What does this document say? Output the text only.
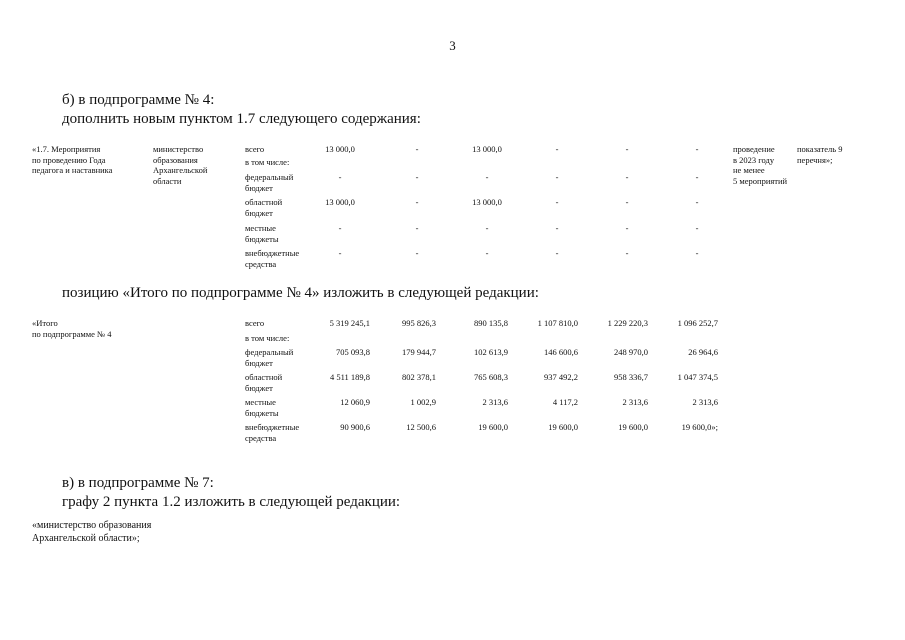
3
б) в подпрограмме № 4:
дополнить новым пунктом 1.7 следующего содержания:
«1.7. Мероприятия
по проведению Года
педагога и наставника
министерство
образования
Архангельской
области
всего	13 000,0	-	13 000,0	-	-	-
в том числе:
федеральный
бюджет
-	-	-	-	-	-
областной
бюджет
13 000,0	-	13 000,0	-	-	-
местные
бюджеты
-	-	-	-	-	-
внебюджетные
средства
-	-	-	-	-	-
проведение
в 2023 году
не менее
5 мероприятий
показатель 9
перечня»;
позицию «Итого по подпрограмме № 4» изложить в следующей редакции:
«Итого
по подпрограмме № 4
всего	5 319 245,1	995 826,3	890 135,8	1 107 810,0	1 229 220,3	1 096 252,7
в том числе:
федеральный
бюджет
705 093,8	179 944,7	102 613,9	146 600,6	248 970,0	26 964,6
областной
бюджет
4 511 189,8	802 378,1	765 608,3	937 492,2	958 336,7	1 047 374,5
местные
бюджеты
12 060,9	1 002,9	2 313,6	4 117,2	2 313,6	2 313,6
внебюджетные
средства
90 900,6	12 500,6	19 600,0	19 600,0	19 600,0	19 600,0»;
в) в подпрограмме № 7:
графу 2 пункта 1.2 изложить в следующей редакции:
«министерство образования
Архангельской области»;
